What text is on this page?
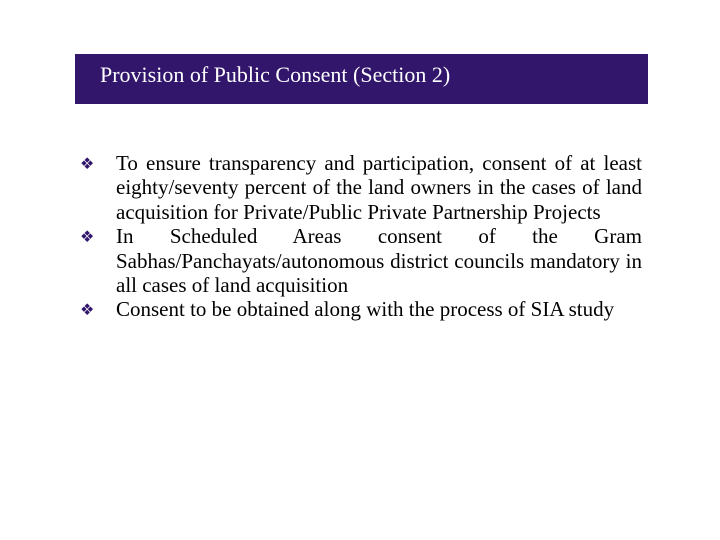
Provision of Public Consent (Section 2)
❖ To ensure transparency and participation, consent of at least eighty/seventy percent of the land owners in the cases of land acquisition for Private/Public Private Partnership Projects
❖ In Scheduled Areas consent of the Gram Sabhas/Panchayats/autonomous district councils mandatory in all cases of land acquisition
❖ Consent to be obtained along with the process of SIA study
